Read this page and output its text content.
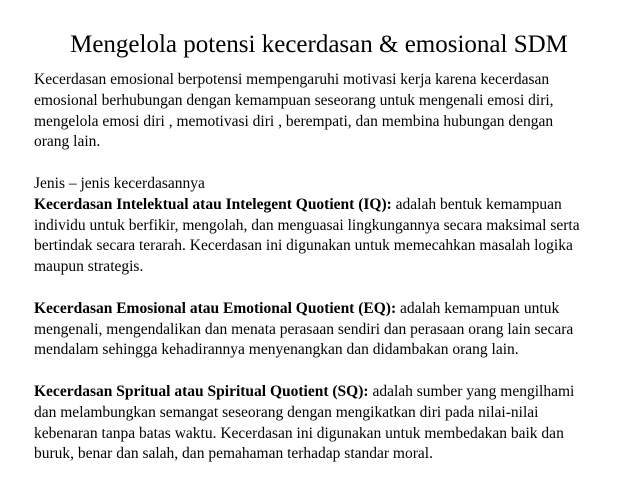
Mengelola potensi kecerdasan & emosional SDM

Kecerdasan emosional berpotensi mempengaruhi motivasi kerja karena kecerdasan
emosional berhubungan dengan kemampuan seseorang untuk mengenali emosi diri,
mengelola emosi diri , memotivasi diri , berempati, dan membina hubungan dengan
orang lain.

Jenis – jenis kecerdasannya
Kecerdasan Intelektual atau Intelegent Quotient (IQ): adalah bentuk kemampuan
individu untuk berfikir, mengolah, dan menguasai lingkungannya secara maksimal serta
bertindak secara terarah. Kecerdasan ini digunakan untuk memecahkan masalah logika
maupun strategis.

Kecerdasan Emosional atau Emotional Quotient (EQ): adalah kemampuan untuk
mengenali, mengendalikan dan menata perasaan sendiri dan perasaan orang lain secara
mendalam sehingga kehadirannya menyenangkan dan didambakan orang lain.

Kecerdasan Spritual atau Spiritual Quotient (SQ): adalah sumber yang mengilhami
dan melambungkan semangat seseorang dengan mengikatkan diri pada nilai-nilai
kebenaran tanpa batas waktu. Kecerdasan ini digunakan untuk membedakan baik dan
buruk, benar dan salah, dan pemahaman terhadap standar moral.
